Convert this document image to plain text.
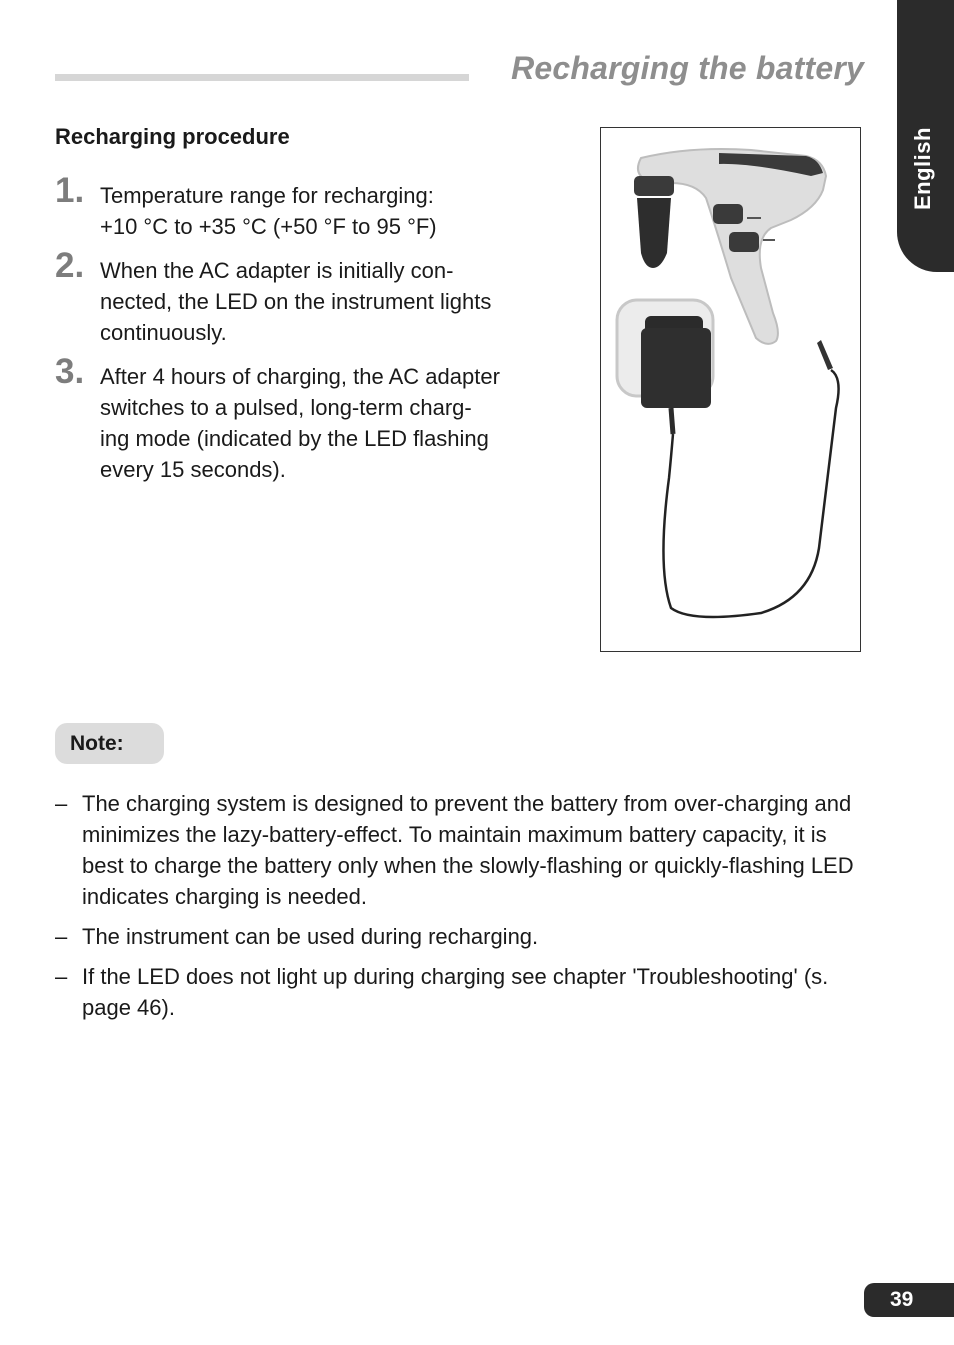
Recharging the battery
English
Recharging procedure
1. Temperature range for recharging:
+10 °C to +35 °C (+50 °F to 95 °F)
2. When the AC adapter is initially con-
nected, the LED on the instrument lights
continuously.
3. After 4 hours of charging, the AC adapter
switches to a pulsed, long-term charg-
ing mode (indicated by the LED flashing
every 15 seconds).
Note:
– The charging system is designed to prevent the battery from over-charging and minimizes the lazy-battery-effect. To maintain maximum battery capacity, it is best to charge the battery only when the slowly-flashing or quickly-flashing LED indicates charging is needed.
– The instrument can be used during recharging.
– If the LED does not light up during charging see chapter 'Troubleshooting' (s. page 46).
39
